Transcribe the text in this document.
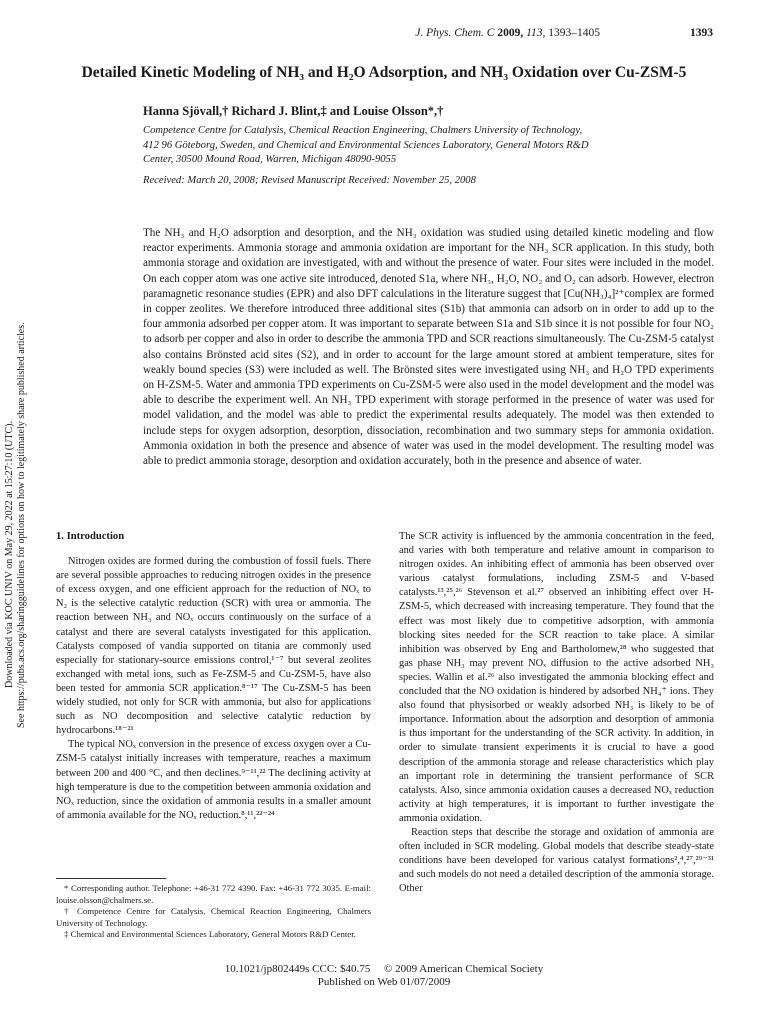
J. Phys. Chem. C 2009, 113, 1393–1405	1393
Detailed Kinetic Modeling of NH₃ and H₂O Adsorption, and NH₃ Oxidation over Cu-ZSM-5
Hanna Sjövall,† Richard J. Blint,‡ and Louise Olsson*,†
Competence Centre for Catalysis, Chemical Reaction Engineering, Chalmers University of Technology,
412 96 Göteborg, Sweden, and Chemical and Environmental Sciences Laboratory, General Motors R&D
Center, 30500 Mound Road, Warren, Michigan 48090-9055
Received: March 20, 2008; Revised Manuscript Received: November 25, 2008

The NH₃ and H₂O adsorption and desorption, and the NH₃ oxidation was studied using detailed kinetic modeling and flow reactor experiments. Ammonia storage and ammonia oxidation are important for the NH₃ SCR application. In this study, both ammonia storage and oxidation are investigated, with and without the presence of water. Four sites were included in the model. On each copper atom was one active site introduced, denoted S1a, where NH₃, H₂O, NO₂ and O₂ can adsorb. However, electron paramagnetic resonance studies (EPR) and also DFT calculations in the literature suggest that [Cu(NH₃)₄]²⁺complex are formed in copper zeolites. We therefore introduced three additional sites (S1b) that ammonia can adsorb on in order to add up to the four ammonia adsorbed per copper atom. It was important to separate between S1a and S1b since it is not possible for four NO₂ to adsorb per copper and also in order to describe the ammonia TPD and SCR reactions simultaneously. The Cu-ZSM-5 catalyst also contains Brönsted acid sites (S2), and in order to account for the large amount stored at ambient temperature, sites for weakly bound species (S3) were included as well. The Brönsted sites were investigated using NH₃ and H₂O TPD experiments on H-ZSM-5. Water and ammonia TPD experiments on Cu-ZSM-5 were also used in the model development and the model was able to describe the experiment well. An NH₃ TPD experiment with storage performed in the presence of water was used for model validation, and the model was able to predict the experimental results adequately. The model was then extended to include steps for oxygen adsorption, desorption, dissociation, recombination and two summary steps for ammonia oxidation. Ammonia oxidation in both the presence and absence of water was used in the model development. The resulting model was able to predict ammonia storage, desorption and oxidation accurately, both in the presence and absence of water.

Downloaded via KOC UNIV on May 29, 2022 at 15:27:10 (UTC). See https://pubs.acs.org/sharingguidelines for options on how to legitimately share published articles.	1. Introduction

Nitrogen oxides are formed during the combustion of fossil fuels. There are several possible approaches to reducing nitrogen oxides in the presence of excess oxygen, and one efficient approach for the reduction of NOₓ to N₂ is the selective catalytic reduction (SCR) with urea or ammonia. The reaction between NH₃ and NOₓ occurs continuously on the surface of a catalyst and there are several catalysts investigated for this application. Catalysts composed of vandia supported on titania are commonly used especially for stationary-source emissions control,¹⁻⁷ but several zeolites exchanged with metal ions, such as Fe-ZSM-5 and Cu-ZSM-5, have also been tested for ammonia SCR application.⁸⁻¹⁷ The Cu-ZSM-5 has been widely studied, not only for SCR with ammonia, but also for applications such as NO decomposition and selective catalytic reduction by hydrocarbons.¹⁸⁻²¹

The typical NOₓ conversion in the presence of excess oxygen over a Cu-ZSM-5 catalyst initially increases with temperature, reaches a maximum between 200 and 400 °C, and then declines.⁹⁻¹¹,²² The declining activity at high temperature is due to the competition between ammonia oxidation and NOₓ reduction, since the oxidation of ammonia results in a smaller amount of ammonia available for the NOₓ reduction.⁸,¹¹,²²⁻²⁴

* Corresponding author. Telephone: +46-31 772 4390. Fax: +46-31 772 3035. E-mail: louise.olsson@chalmers.se.

† Competence Centre for Catalysis, Chemical Reaction Engineering, Chalmers University of Technology.

‡ Chemical and Environmental Sciences Laboratory, General Motors R&D Center.

The SCR activity is influenced by the ammonia concentration in the feed, and varies with both temperature and relative amount in comparison to nitrogen oxides. An inhibiting effect of ammonia has been observed over various catalyst formulations, including ZSM-5 and V-based catalysts.¹³,²⁵,²⁶ Stevenson et al.²⁷ observed an inhibiting effect over H-ZSM-5, which decreased with increasing temperature. They found that the effect was most likely due to competitive adsorption, with ammonia blocking sites needed for the SCR reaction to take place. A similar inhibition was observed by Eng and Bartholomew,²⁸ who suggested that gas phase NH₃ may prevent NOₓ diffusion to the active adsorbed NH₃ species. Wallin et al.²⁶ also investigated the ammonia blocking effect and concluded that the NO oxidation is hindered by adsorbed NH₄⁺ ions. They also found that physisorbed or weakly adsorbed NH₃ is likely to be of importance. Information about the adsorption and desorption of ammonia is thus important for the understanding of the SCR activity. In addition, in order to simulate transient experiments it is crucial to have a good description of the ammonia storage and release characteristics which play an important role in determining the transient performance of SCR catalysts. Also, since ammonia oxidation causes a decreased NOₓ reduction activity at high temperatures, it is important to further investigate the ammonia oxidation.

Reaction steps that describe the storage and oxidation of ammonia are often included in SCR modeling. Global models that describe steady-state conditions have been developed for various catalyst formations²,⁴,²⁷,²⁹⁻³¹ and such models do not need a detailed description of the ammonia storage. Other

10.1021/jp802449s CCC: $40.75 © 2009 American Chemical Society
Published on Web 01/07/2009
